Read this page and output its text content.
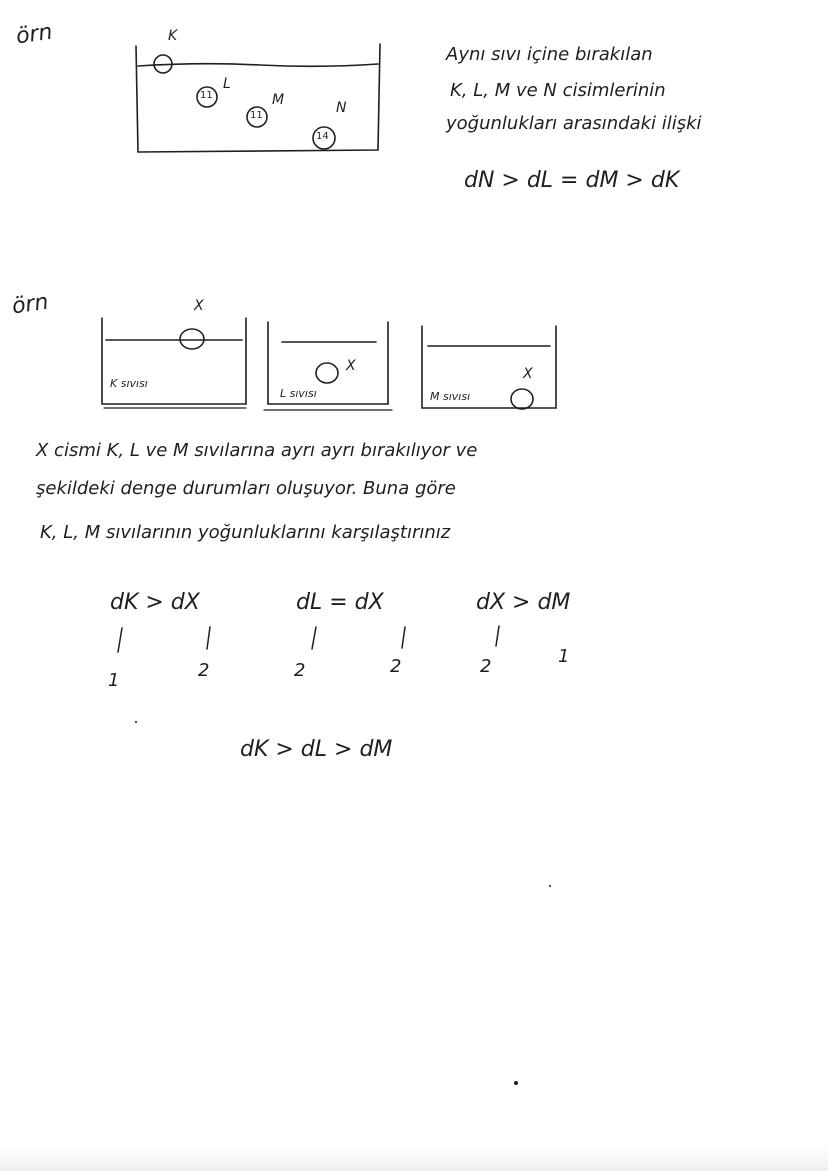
örn	K
L
M	N
11
11
14
Aynı sıvı içine bırakılan
K, L, M ve N cisimlerinin
yoğunlukları arasındaki ilişki
dN > dL = dM > dK
örn	X
X	X
K sıvısı
L sıvısı	M sıvısı
X cismi K, L ve M sıvılarına ayrı ayrı bırakılıyor ve
şekildeki denge durumları oluşuyor. Buna göre
K, L, M sıvılarının yoğunluklarını karşılaştırınız
dK > dX	dL = dX	dX > dM
1	2	2	2	2	1
dK > dL > dM
